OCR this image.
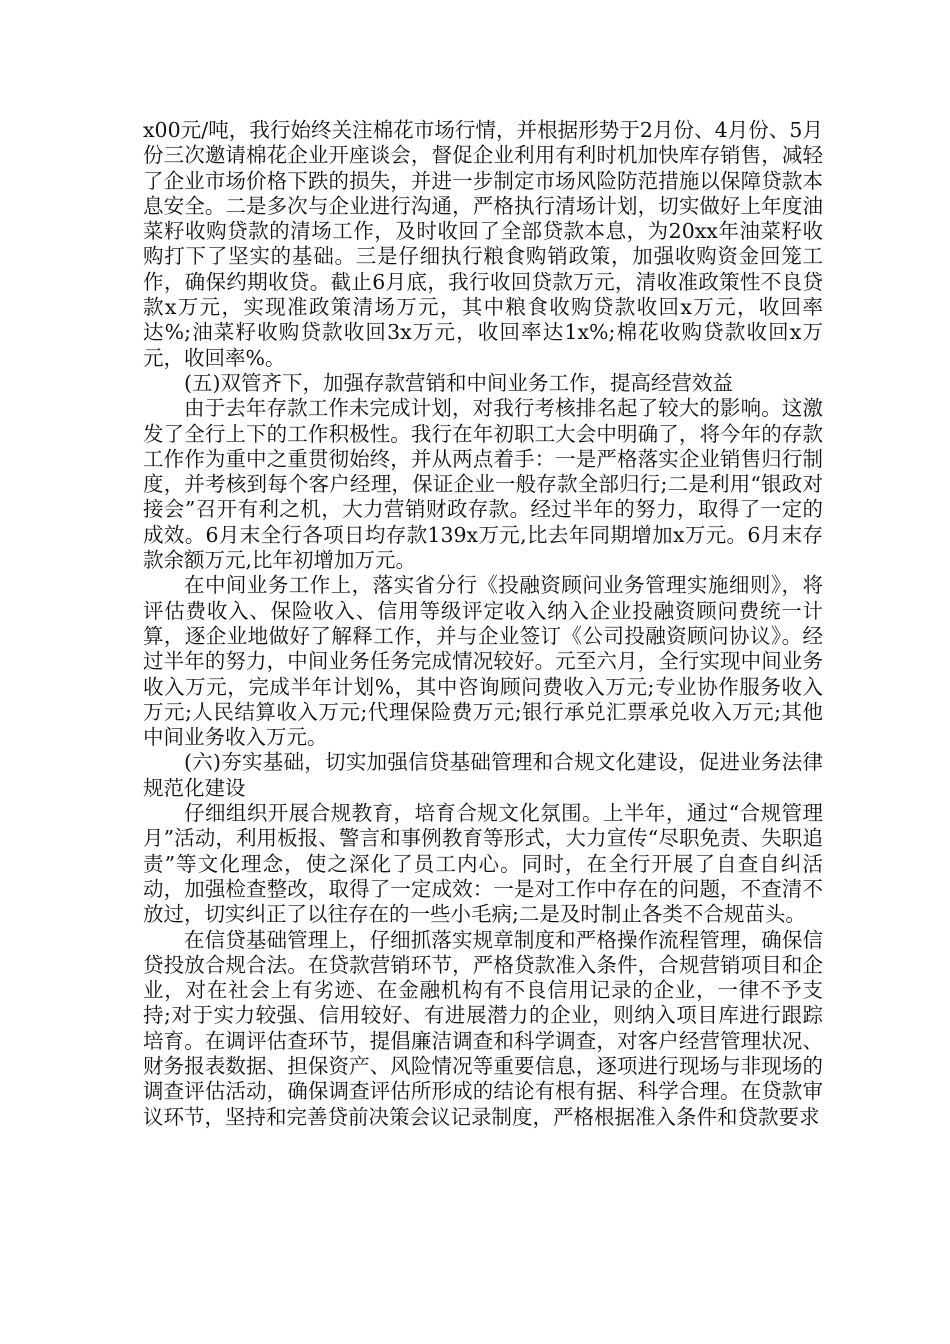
x00元/吨，我行始终关注棉花市场行情，并根据形势于2月份、4月份、5月份三次邀请棉花企业开座谈会，督促企业利用有利时机加快库存销售，减轻了企业市场价格下跌的损失，并进一步制定市场风险防范措施以保障贷款本息安全。二是多次与企业进行沟通，严格执行清场计划，切实做好上年度油菜籽收购贷款的清场工作，及时收回了全部贷款本息，为20xx年油菜籽收购打下了坚实的基础。三是仔细执行粮食购销政策，加强收购资金回笼工作，确保约期收贷。截止6月底，我行收回贷款万元，清收准政策性不良贷款x万元，实现准政策清场万元，其中粮食收购贷款收回x万元，收回率达%;油菜籽收购贷款收回3x万元，收回率达1x%;棉花收购贷款收回x万元，收回率%。

(五)双管齐下，加强存款营销和中间业务工作，提高经营效益

由于去年存款工作未完成计划，对我行考核排名起了较大的影响。这激发了全行上下的工作积极性。我行在年初职工大会中明确了，将今年的存款工作作为重中之重贯彻始终，并从两点着手：一是严格落实企业销售归行制度，并考核到每个客户经理，保证企业一般存款全部归行;二是利用“银政对接会”召开有利之机，大力营销财政存款。经过半年的努力，取得了一定的成效。6月末全行各项日均存款139x万元,比去年同期增加x万元。6月末存款余额万元,比年初增加万元。

在中间业务工作上，落实省分行《投融资顾问业务管理实施细则》，将评估费收入、保险收入、信用等级评定收入纳入企业投融资顾问费统一计算，逐企业地做好了解释工作，并与企业签订《公司投融资顾问协议》。经过半年的努力，中间业务任务完成情况较好。元至六月，全行实现中间业务收入万元，完成半年计划%，其中咨询顾问费收入万元;专业协作服务收入万元;人民结算收入万元;代理保险费万元;银行承兑汇票承兑收入万元;其他中间业务收入万元。

(六)夯实基础，切实加强信贷基础管理和合规文化建设，促进业务法律规范化建设

仔细组织开展合规教育，培育合规文化氛围。上半年，通过“合规管理月”活动，利用板报、警言和事例教育等形式，大力宣传“尽职免责、失职追责”等文化理念，使之深化了员工内心。同时，在全行开展了自查自纠活动，加强检查整改，取得了一定成效：一是对工作中存在的问题，不查清不放过，切实纠正了以往存在的一些小毛病;二是及时制止各类不合规苗头。

在信贷基础管理上，仔细抓落实规章制度和严格操作流程管理，确保信贷投放合规合法。在贷款营销环节，严格贷款准入条件，合规营销项目和企业，对在社会上有劣迹、在金融机构有不良信用记录的企业，一律不予支持;对于实力较强、信用较好、有进展潜力的企业，则纳入项目库进行跟踪培育。在调评估查环节，提倡廉洁调查和科学调查，对客户经营管理状况、财务报表数据、担保资产、风险情况等重要信息，逐项进行现场与非现场的调查评估活动，确保调查评估所形成的结论有根有据、科学合理。在贷款审议环节，坚持和完善贷前决策会议记录制度，严格根据准入条件和贷款要求
